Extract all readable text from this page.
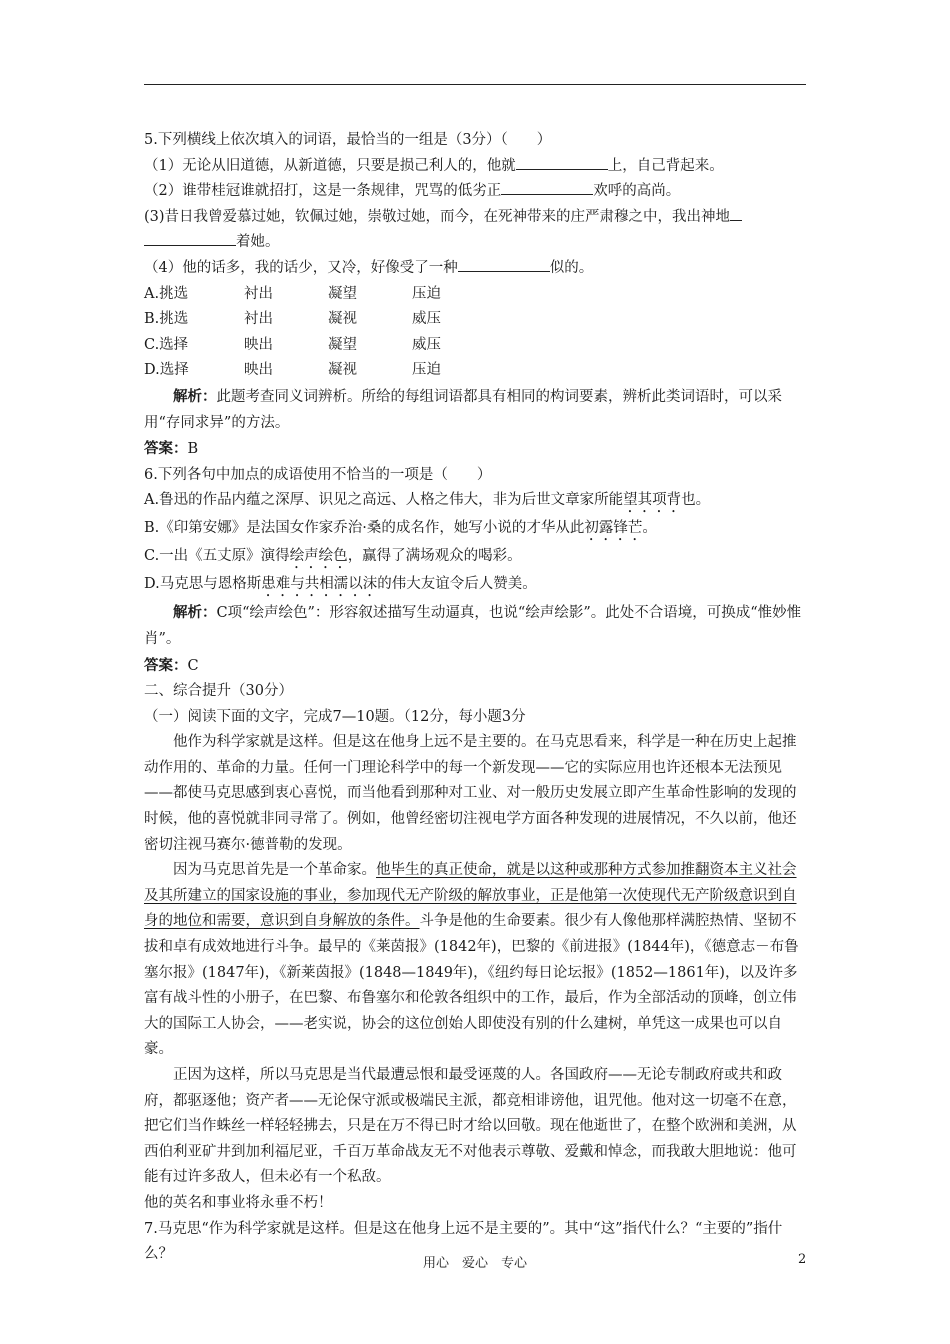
5.下列横线上依次填入的词语，最恰当的一组是（3分）（　　）

（1）无论从旧道德，从新道德，只要是损己利人的，他就	上，自己背起来。

（2）谁带桂冠谁就招打，这是一条规律，咒骂的低劣正	欢呼的高尚。

(3)昔日我曾爱慕过她，钦佩过她，崇敬过她，而今，在死神带来的庄严肃穆之中，我出神地
着她。

（4）他的话多，我的话少，又冷，好像受了一种	似的。

A.挑选	衬出	凝望	压迫
B.挑选	衬出	凝视	威压
C.选择	映出	凝望	威压
D.选择	映出	凝视	压迫

解析：此题考查同义词辨析。所给的每组词语都具有相同的构词要素，辨析此类词语时，可以采用“存同求异”的方法。

答案：B

6.下列各句中加点的成语使用不恰当的一项是（　　）

A.鲁迅的作品内蕴之深厚、识见之高远、人格之伟大，非为后世文章家所能望其项背也。

B.《印第安娜》是法国女作家乔治·桑的成名作，她写小说的才华从此初露锋芒。

C.一出《五丈原》演得绘声绘色，赢得了满场观众的喝彩。

D.马克思与恩格斯患难与共相濡以沫的伟大友谊令后人赞美。

解析：C项“绘声绘色”：形容叙述描写生动逼真，也说“绘声绘影”。此处不合语境，可换成“惟妙惟肖”。

答案：C

二、综合提升（30分）

（一）阅读下面的文字，完成7—10题。（12分，每小题3分

他作为科学家就是这样。但是这在他身上远不是主要的。在马克思看来，科学是一种在历史上起推动作用的、革命的力量。任何一门理论科学中的每一个新发现——它的实际应用也许还根本无法预见——都使马克思感到衷心喜悦，而当他看到那种对工业、对一般历史发展立即产生革命性影响的发现的时候，他的喜悦就非同寻常了。例如，他曾经密切注视电学方面各种发现的进展情况，不久以前，他还密切注视马赛尔·德普勒的发现。

因为马克思首先是一个革命家。他毕生的真正使命，就是以这种或那种方式参加推翻资本主义社会及其所建立的国家设施的事业，参加现代无产阶级的解放事业，正是他第一次使现代无产阶级意识到自身的地位和需要，意识到自身解放的条件。斗争是他的生命要素。很少有人像他那样满腔热情、坚韧不拔和卓有成效地进行斗争。最早的《莱茵报》(1842年)，巴黎的《前进报》(1844年)，《德意志－布鲁塞尔报》(1847年)，《新莱茵报》(1848—1849年)，《纽约每日论坛报》(1852—1861年)，以及许多富有战斗性的小册子，在巴黎、布鲁塞尔和伦敦各组织中的工作，最后，作为全部活动的顶峰，创立伟大的国际工人协会，——老实说，协会的这位创始人即使没有别的什么建树，单凭这一成果也可以自豪。

正因为这样，所以马克思是当代最遭忌恨和最受诬蔑的人。各国政府——无论专制政府或共和政府，都驱逐他；资产者——无论保守派或极端民主派，都竞相诽谤他，诅咒他。他对这一切毫不在意，把它们当作蛛丝一样轻轻拂去，只是在万不得已时才给以回敬。现在他逝世了，在整个欧洲和美洲，从西伯利亚矿井到加利福尼亚，千百万革命战友无不对他表示尊敬、爱戴和悼念，而我敢大胆地说：他可能有过许多敌人，但未必有一个私敌。

他的英名和事业将永垂不朽！

7.马克思“作为科学家就是这样。但是这在他身上远不是主要的”。其中“这”指代什么？“主要的”指什么？

用心　爱心　专心	2
